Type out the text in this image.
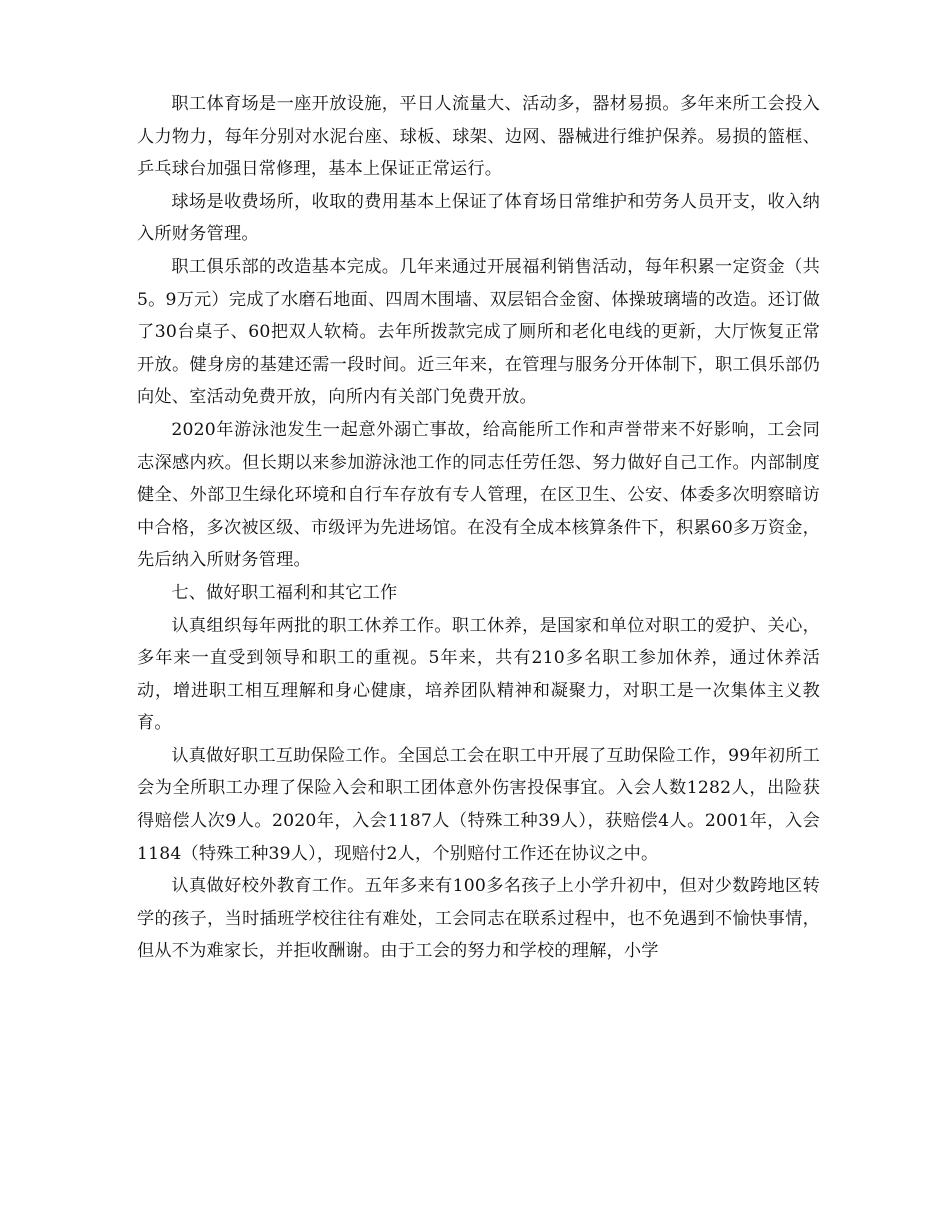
职工体育场是一座开放设施，平日人流量大、活动多，器材易损。多年来所工会投入人力物力，每年分别对水泥台座、球板、球架、边网、器械进行维护保养。易损的篮框、乒乓球台加强日常修理，基本上保证正常运行。

球场是收费场所，收取的费用基本上保证了体育场日常维护和劳务人员开支，收入纳入所财务管理。

职工俱乐部的改造基本完成。几年来通过开展福利销售活动，每年积累一定资金（共5。9万元）完成了水磨石地面、四周木围墙、双层铝合金窗、体操玻璃墙的改造。还订做了30台桌子、60把双人软椅。去年所拨款完成了厕所和老化电线的更新，大厅恢复正常开放。健身房的基建还需一段时间。近三年来，在管理与服务分开体制下，职工俱乐部仍向处、室活动免费开放，向所内有关部门免费开放。

2020年游泳池发生一起意外溺亡事故，给高能所工作和声誉带来不好影响，工会同志深感内疚。但长期以来参加游泳池工作的同志任劳任怨、努力做好自己工作。内部制度健全、外部卫生绿化环境和自行车存放有专人管理，在区卫生、公安、体委多次明察暗访中合格，多次被区级、市级评为先进场馆。在没有全成本核算条件下，积累60多万资金，先后纳入所财务管理。

七、做好职工福利和其它工作

认真组织每年两批的职工休养工作。职工休养，是国家和单位对职工的爱护、关心，多年来一直受到领导和职工的重视。5年来，共有210多名职工参加休养，通过休养活动，增进职工相互理解和身心健康，培养团队精神和凝聚力，对职工是一次集体主义教育。

认真做好职工互助保险工作。全国总工会在职工中开展了互助保险工作，99年初所工会为全所职工办理了保险入会和职工团体意外伤害投保事宜。入会人数1282人，出险获得赔偿人次9人。2020年，入会1187人（特殊工种39人），获赔偿4人。2001年，入会1184（特殊工种39人），现赔付2人，个别赔付工作还在协议之中。

认真做好校外教育工作。五年多来有100多名孩子上小学升初中，但对少数跨地区转学的孩子，当时插班学校往往有难处，工会同志在联系过程中，也不免遇到不愉快事情，但从不为难家长，并拒收酬谢。由于工会的努力和学校的理解，小学
